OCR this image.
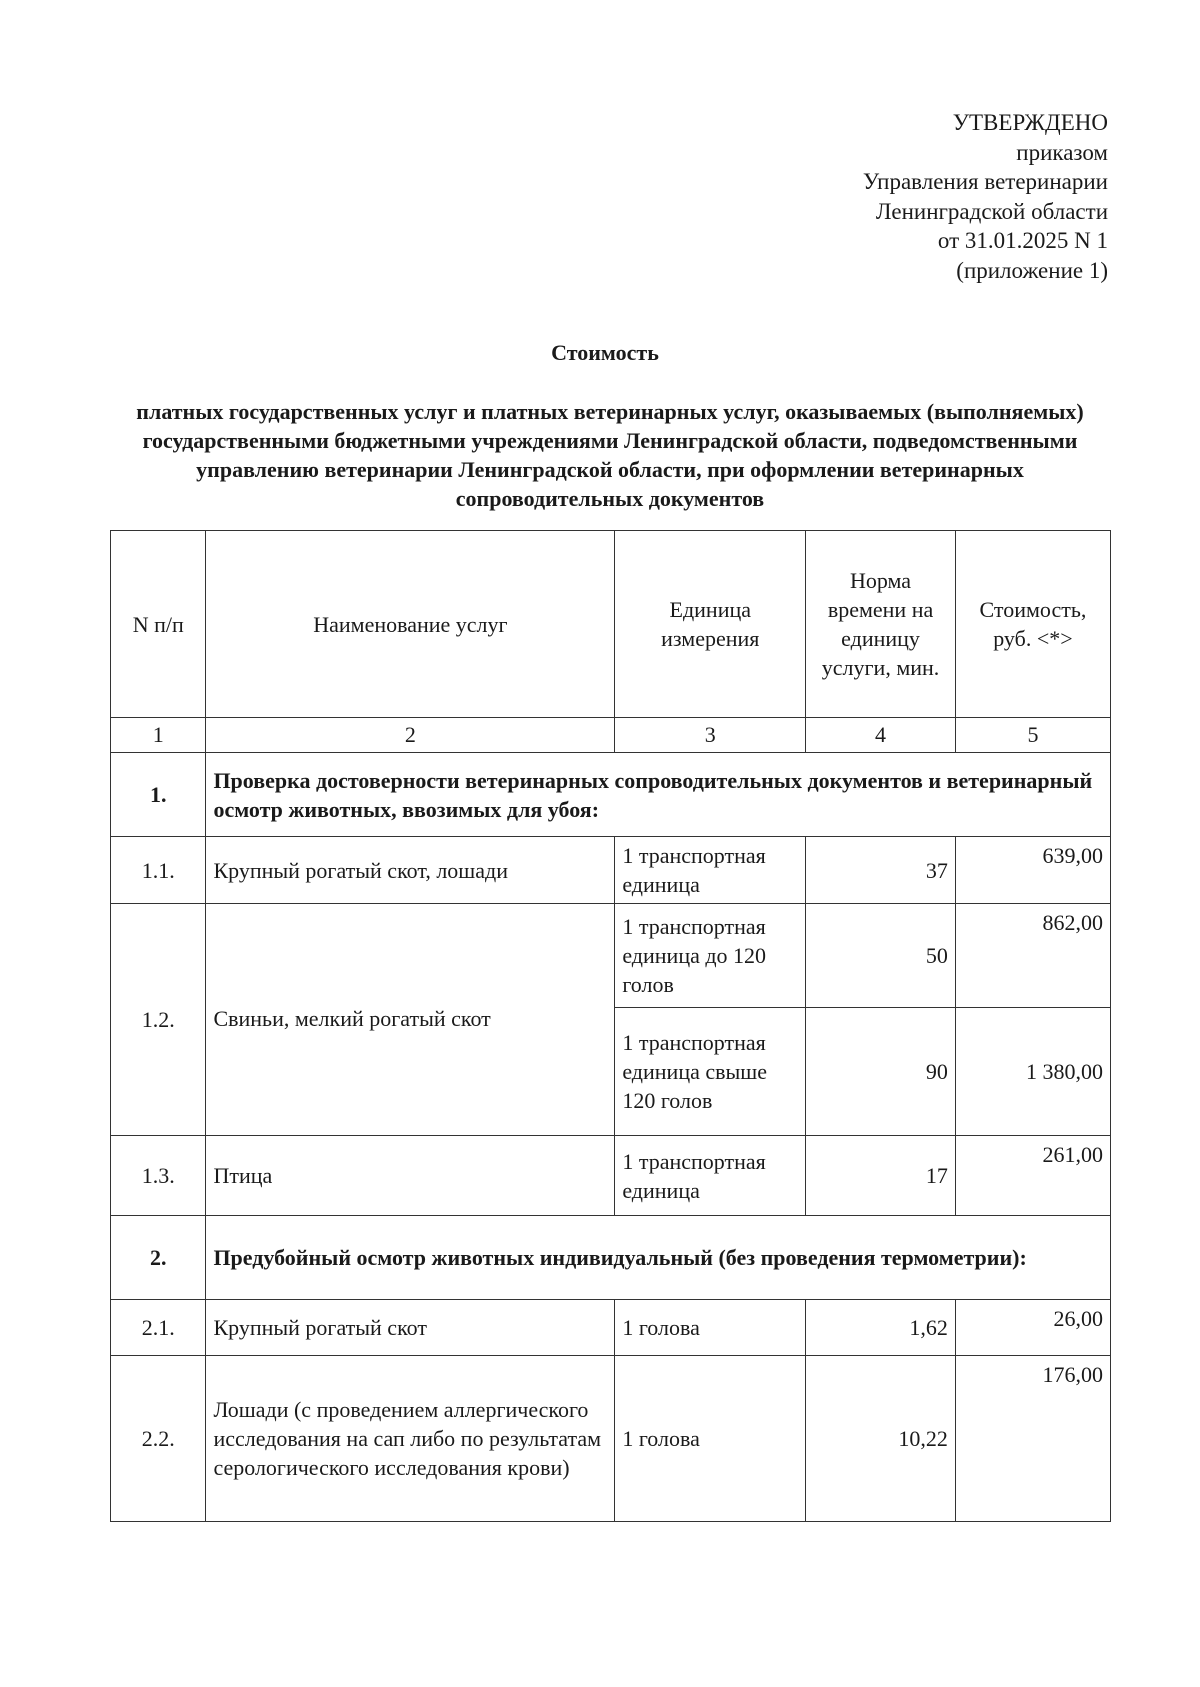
УТВЕРЖДЕНО
приказом
Управления ветеринарии
Ленинградской области
от 31.01.2025 N 1
(приложение 1)
Стоимость
платных государственных услуг и платных ветеринарных услуг, оказываемых (выполняемых) государственными бюджетными учреждениями Ленинградской области, подведомственными управлению ветеринарии Ленинградской области, при оформлении ветеринарных сопроводительных документов
N п/п	Наименование услуг	Единица измерения	Норма времени на единицу услуги, мин.	Стоимость, руб. <*>
1	2	3	4	5
1.	Проверка достоверности ветеринарных сопроводительных документов и ветеринарный осмотр животных, ввозимых для убоя:			
1.1.	Крупный рогатый скот, лошади	1 транспортная единица	37	639,00
1.2.	Свиньи, мелкий рогатый скот	1 транспортная единица до 120 голов	50	862,00
		1 транспортная единица свыше 120 голов	90	1 380,00
1.3.	Птица	1 транспортная единица	17	261,00
2.	Предубойный осмотр животных индивидуальный (без проведения термометрии):			
2.1.	Крупный рогатый скот	1 голова	1,62	26,00
2.2.	Лошади (с проведением аллергического исследования на сап либо по результатам серологического исследования крови)	1 голова	10,22	176,00
